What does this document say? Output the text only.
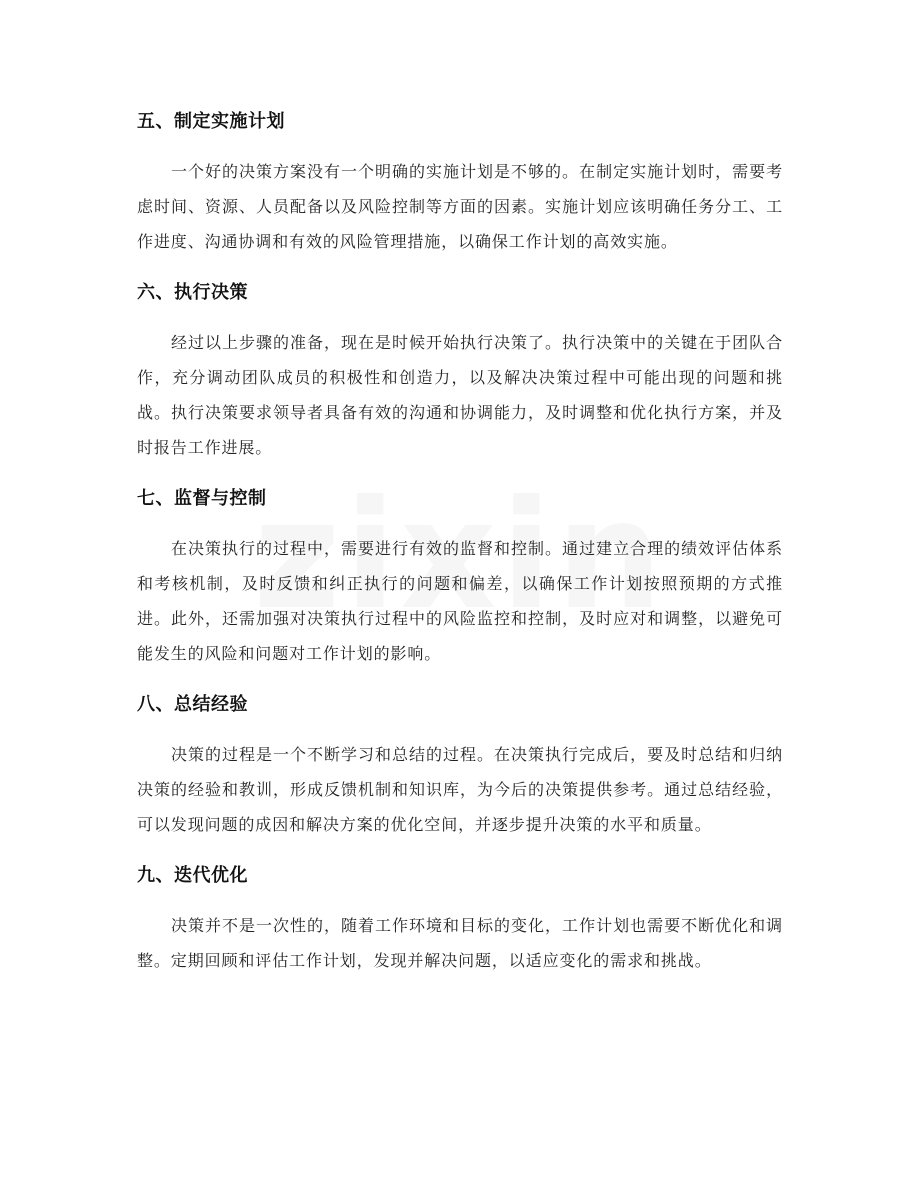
五、制定实施计划

一个好的决策方案没有一个明确的实施计划是不够的。在制定实施计划时，需要考虑时间、资源、人员配备以及风险控制等方面的因素。实施计划应该明确任务分工、工作进度、沟通协调和有效的风险管理措施，以确保工作计划的高效实施。

六、执行决策

经过以上步骤的准备，现在是时候开始执行决策了。执行决策中的关键在于团队合作，充分调动团队成员的积极性和创造力，以及解决决策过程中可能出现的问题和挑战。执行决策要求领导者具备有效的沟通和协调能力，及时调整和优化执行方案，并及时报告工作进展。

七、监督与控制

在决策执行的过程中，需要进行有效的监督和控制。通过建立合理的绩效评估体系和考核机制，及时反馈和纠正执行的问题和偏差，以确保工作计划按照预期的方式推进。此外，还需加强对决策执行过程中的风险监控和控制，及时应对和调整，以避免可能发生的风险和问题对工作计划的影响。

八、总结经验

决策的过程是一个不断学习和总结的过程。在决策执行完成后，要及时总结和归纳决策的经验和教训，形成反馈机制和知识库，为今后的决策提供参考。通过总结经验，可以发现问题的成因和解决方案的优化空间，并逐步提升决策的水平和质量。

九、迭代优化

决策并不是一次性的，随着工作环境和目标的变化，工作计划也需要不断优化和调整。定期回顾和评估工作计划，发现并解决问题，以适应变化的需求和挑战。
